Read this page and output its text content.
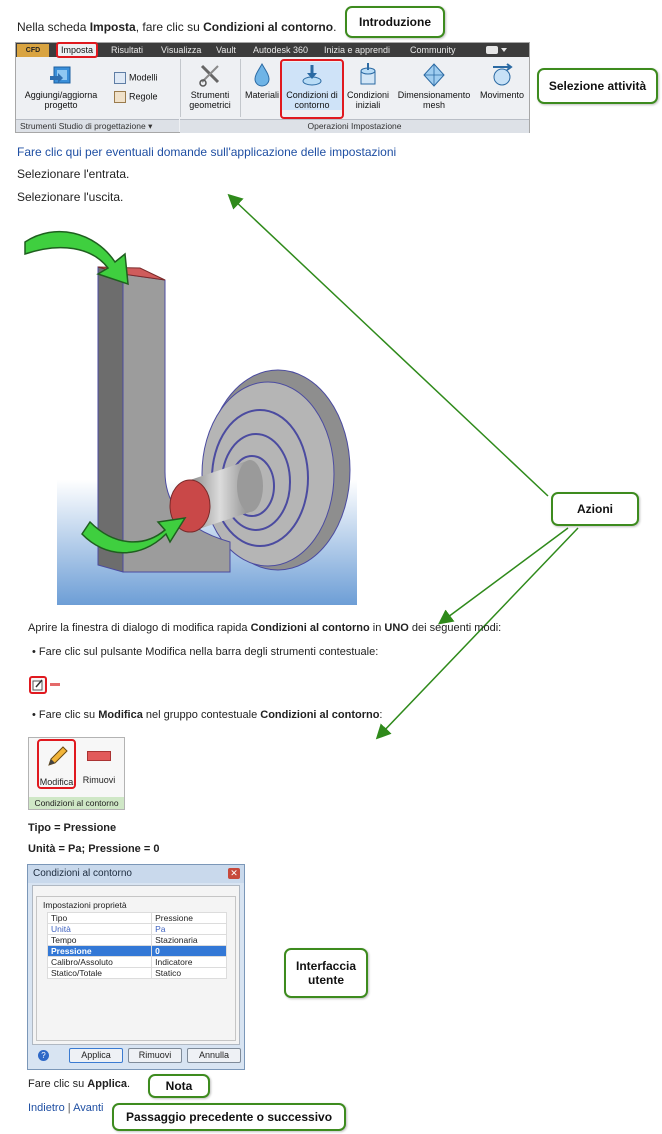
Nella scheda Imposta, fare clic su Condizioni al contorno. Introduzione
CFD	Imposta	Risultati Visualizza Vault Autodesk 360 Inizia e apprendi Community
Aggiungi/aggiorna progetto
Modelli
Regole	Strumenti geometrici
Materiali Condizioni di contorno
Condizioni iniziali
Dimensionamento mesh
Movimento
Strumenti Studio di progettazione ▾	Operazioni Impostazione
Selezione attività
Fare clic qui per eventuali domande sull'applicazione delle impostazioni
Selezionare l'entrata.
Selezionare l'uscita.
Azioni
Aprire la finestra di dialogo di modifica rapida Condizioni al contorno in UNO dei seguenti modi:
• Fare clic sul pulsante Modifica nella barra degli strumenti contestuale:
• Fare clic su Modifica nel gruppo contestuale Condizioni al contorno:
Modifica	Rimuovi
Condizioni al contorno
Tipo = Pressione
Unità = Pa; Pressione = 0
Condizioni al contorno	✕
Impostazioni proprietà
Tipo	Pressione
Unità	Pa
Tempo	Stazionaria
Pressione	0
Calibro/Assoluto	Indicatore
Statico/Totale	Statico
?	Applica	Rimuovi	Annulla
Interfaccia utente
Fare clic su Applica.	Nota
Indietro | Avanti
Passaggio precedente o successivo
